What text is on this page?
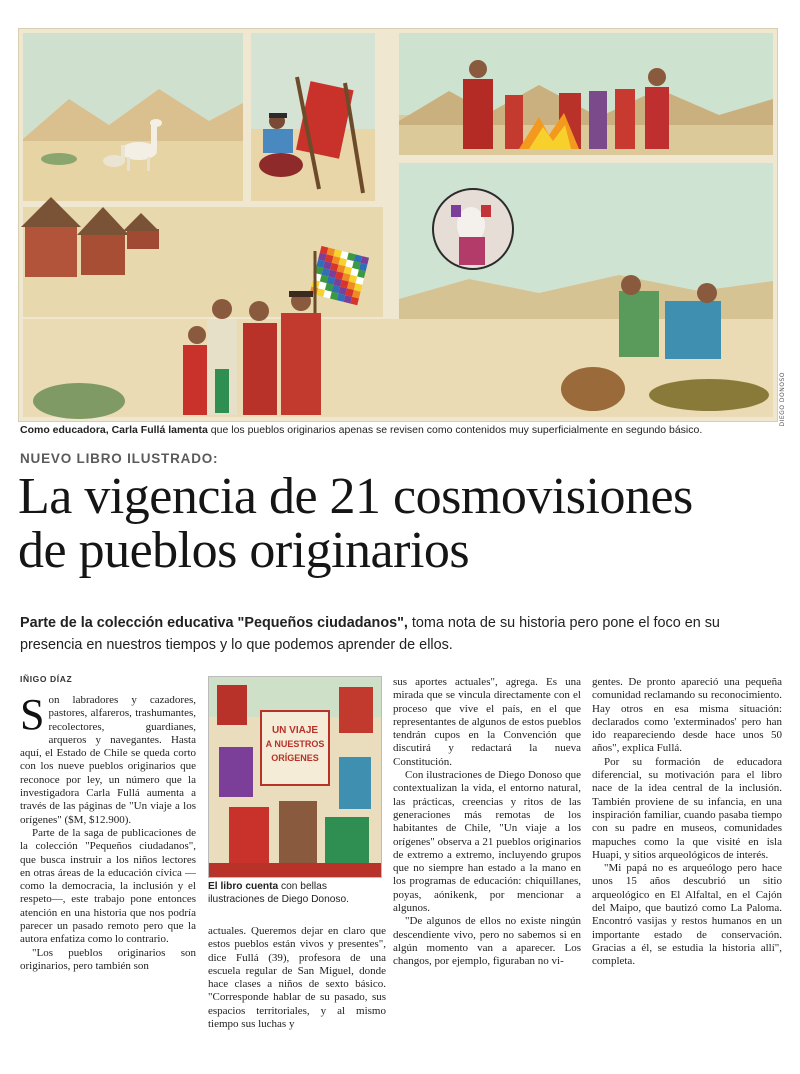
DIEGO DONOSO
Como educadora, Carla Fullá lamenta que los pueblos originarios apenas se revisen como contenidos muy superficialmente en segundo básico.
NUEVO LIBRO ILUSTRADO:
La vigencia de 21 cosmovisiones
de pueblos originarios
Parte de la colección educativa "Pequeños ciudadanos", toma nota de su historia pero pone el foco en su presencia en nuestros tiempos y lo que podemos aprender de ellos.
IÑIGO DÍAZ

Son labradores y cazadores, pastores, alfareros, trashumantes, recolectores, guardianes, arqueros y navegantes. Hasta aquí, el Estado de Chile se queda corto con los nueve pueblos originarios que reconoce por ley, un número que la investigadora Carla Fullá aumenta a través de las páginas de "Un viaje a los orígenes" ($M, $12.900).

Parte de la saga de publicaciones de la colección "Pequeños ciudadanos", que busca instruir a los niños lectores en otras áreas de la educación cívica —como la democracia, la inclusión y el respeto—, este trabajo pone entonces atención en una historia que nos podría parecer un pasado remoto pero que la autora enfatiza como lo contrario.

"Los pueblos originarios son originarios, pero también son

UN VIAJE
A NUESTROS
ORÍGENES
El libro cuenta con bellas ilustraciones de Diego Donoso.

actuales. Queremos dejar en claro que estos pueblos están vivos y presentes", dice Fullá (39), profesora de una escuela regular de San Miguel, donde hace clases a niños de sexto básico. "Corresponde hablar de su pasado, sus espacios territoriales, y al mismo tiempo sus luchas y

sus aportes actuales", agrega. Es una mirada que se vincula directamente con el proceso que vive el país, en el que representantes de algunos de estos pueblos tendrán cupos en la Convención que discutirá y redactará la nueva Constitución.

Con ilustraciones de Diego Donoso que contextualizan la vida, el entorno natural, las prácticas, creencias y ritos de las generaciones más remotas de los habitantes de Chile, "Un viaje a los orígenes" observa a 21 pueblos originarios de extremo a extremo, incluyendo grupos que no siempre han estado a la mano en los programas de educación: chiquillanes, poyas, aónikenk, por mencionar a algunos.

"De algunos de ellos no existe ningún descendiente vivo, pero no sabemos si en algún momento van a aparecer. Los changos, por ejemplo, figuraban no vi-

gentes. De pronto apareció una pequeña comunidad reclamando su reconocimiento. Hay otros en esa misma situación: declarados como 'exterminados' pero han ido reapareciendo desde hace unos 50 años", explica Fullá.

Por su formación de educadora diferencial, su motivación para el libro nace de la idea central de la inclusión. También proviene de su infancia, en una inspiración familiar, cuando pasaba tiempo con su padre en museos, comunidades mapuches como la que visité en isla Huapi, y sitios arqueológicos de interés.

"Mi papá no es arqueólogo pero hace unos 15 años descubrió un sitio arqueológico en El Alfaltal, en el Cajón del Maipo, que bautizó como La Paloma. Encontró vasijas y restos humanos en un importante estado de conservación. Gracias a él, se estudia la historia allí", completa.
